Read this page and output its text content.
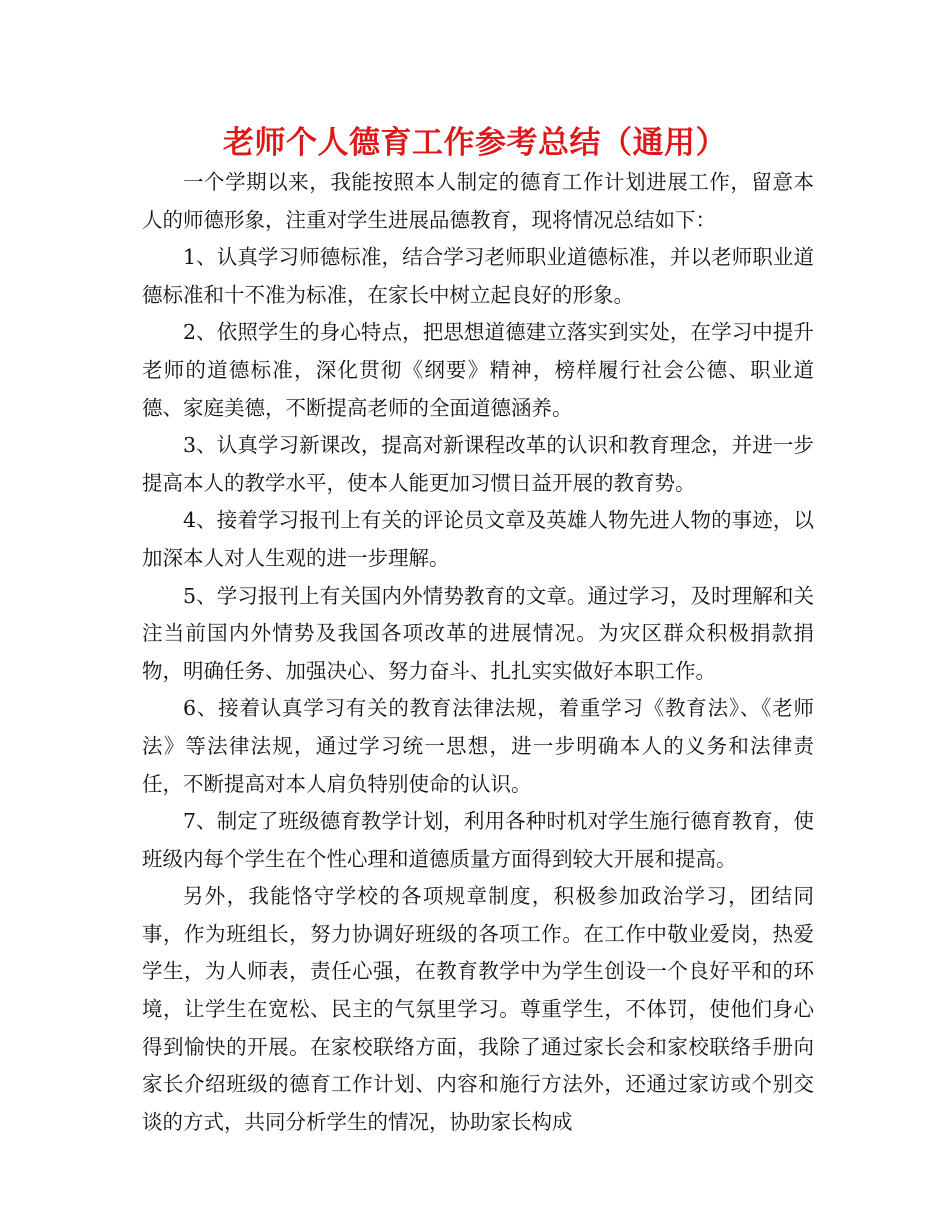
老师个人德育工作参考总结（通用）

一个学期以来，我能按照本人制定的德育工作计划进展工作，留意本人的师德形象，注重对学生进展品德教育，现将情况总结如下：

1、认真学习师德标准，结合学习老师职业道德标准，并以老师职业道德标准和十不准为标准，在家长中树立起良好的形象。

2、依照学生的身心特点，把思想道德建立落实到实处，在学习中提升老师的道德标准，深化贯彻《纲要》精神，榜样履行社会公德、职业道德、家庭美德，不断提高老师的全面道德涵养。

3、认真学习新课改，提高对新课程改革的认识和教育理念，并进一步提高本人的教学水平，使本人能更加习惯日益开展的教育势。

4、接着学习报刊上有关的评论员文章及英雄人物先进人物的事迹，以加深本人对人生观的进一步理解。

5、学习报刊上有关国内外情势教育的文章。通过学习，及时理解和关注当前国内外情势及我国各项改革的进展情况。为灾区群众积极捐款捐物，明确任务、加强决心、努力奋斗、扎扎实实做好本职工作。

6、接着认真学习有关的教育法律法规，着重学习《教育法》、《老师法》等法律法规，通过学习统一思想，进一步明确本人的义务和法律责任，不断提高对本人肩负特别使命的认识。

7、制定了班级德育教学计划，利用各种时机对学生施行德育教育，使班级内每个学生在个性心理和道德质量方面得到较大开展和提高。

另外，我能恪守学校的各项规章制度，积极参加政治学习，团结同事，作为班组长，努力协调好班级的各项工作。在工作中敬业爱岗，热爱学生，为人师表，责任心强，在教育教学中为学生创设一个良好平和的环境，让学生在宽松、民主的气氛里学习。尊重学生，不体罚，使他们身心得到愉快的开展。在家校联络方面，我除了通过家长会和家校联络手册向家长介绍班级的德育工作计划、内容和施行方法外，还通过家访或个别交谈的方式，共同分析学生的情况，协助家长构成
